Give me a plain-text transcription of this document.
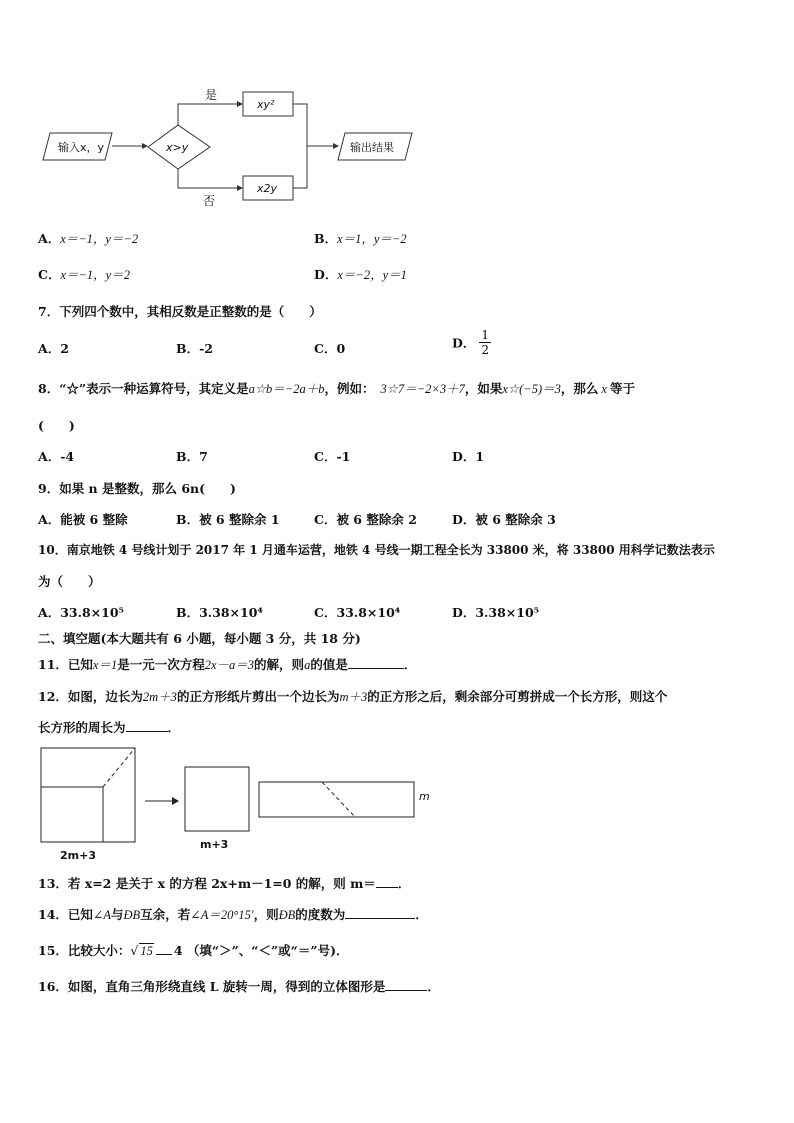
输入x，y	x>y
是
否
xy²
x2y
输出结果
A．x＝−1，y＝−2	B．x＝1，y＝−2
C．x＝−1，y＝2	D．x＝−2，y＝1
7．下列四个数中，其相反数是正整数的是（　　）
A．2	B．-2	C．0	D． $\frac{1}{2}$
8．“☆”表示一种运算符号，其定义是a☆b＝−2a＋b，例如： 3☆7＝−2×3＋7，如果x☆(−5)＝3，那么 x 等于
(　　)
A．-4	B．7	C．-1	D．1
9．如果 n 是整数，那么 6n(　　)
A．能被 6 整除	B．被 6 整除余 1	C．被 6 整除余 2	D．被 6 整除余 3
10．南京地铁 4 号线计划于 2017 年 1 月通车运营，地铁 4 号线一期工程全长为 33800 米，将 33800 用科学记数法表示
为（　　）
A．33.8×10⁵	B．3.38×10⁴	C．33.8×10⁴	D．3.38×10⁵
二、填空题(本大题共有 6 小题，每小题 3 分，共 18 分)
11．已知x＝1是一元一次方程2x－a＝3的解，则a的值是	．
12．如图，边长为2m＋3的正方形纸片剪出一个边长为m＋3的正方形之后，剩余部分可剪拼成一个长方形，则这个
长方形的周长为	．
2m+3
m+3
m
13．若 x=2 是关于 x 的方程 2x+m－1=0 的解，则 m＝ ．
14．已知∠A与ÐB互余，若∠A＝20°15′，则ÐB的度数为	．
15．比较大小：√ 15 4 （填“＞”、“＜”或“＝”号)．
16．如图，直角三角形绕直线 L 旋转一周，得到的立体图形是	．
